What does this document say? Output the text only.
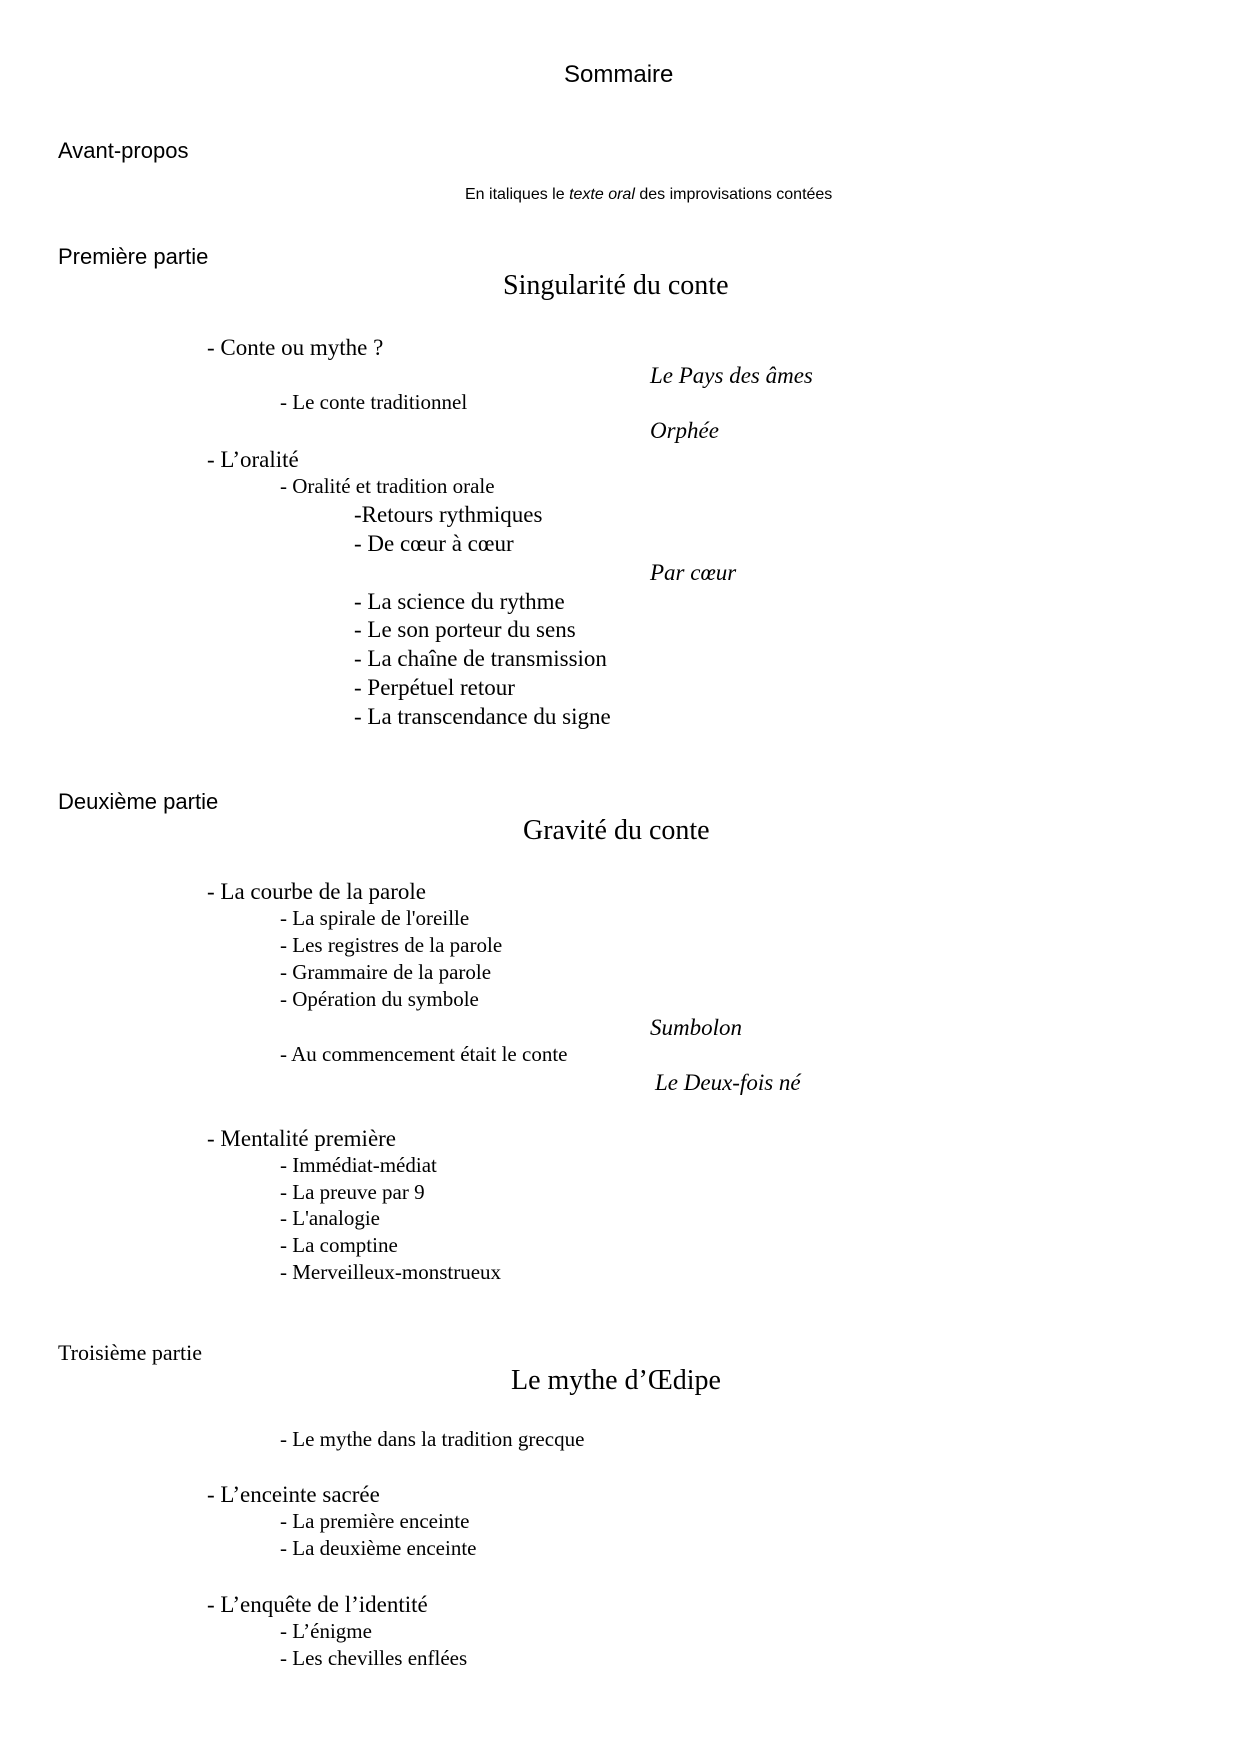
Sommaire
Avant-propos
En italiques le texte oral des improvisations contées
Première partie
Singularité du conte
- Conte ou mythe ?
Le Pays des âmes
- Le conte traditionnel
Orphée
- L’oralité
- Oralité et tradition orale
-Retours rythmiques
- De cœur à cœur
Par cœur
- La science du rythme
- Le son porteur du sens
- La chaîne de transmission
- Perpétuel retour
- La transcendance du signe
Deuxième partie
Gravité du conte
- La courbe de la parole
- La spirale de l'oreille
- Les registres de la parole
- Grammaire de la parole
- Opération du symbole
Sumbolon
- Au commencement était le conte
Le Deux-fois né
- Mentalité première
- Immédiat-médiat
- La preuve par 9
- L'analogie
- La comptine
- Merveilleux-monstrueux
Troisième partie
Le mythe d’Œdipe
- Le mythe dans la tradition grecque
- L’enceinte sacrée
- La première enceinte
- La deuxième enceinte
- L’enquête de l’identité
- L’énigme
- Les chevilles enflées
